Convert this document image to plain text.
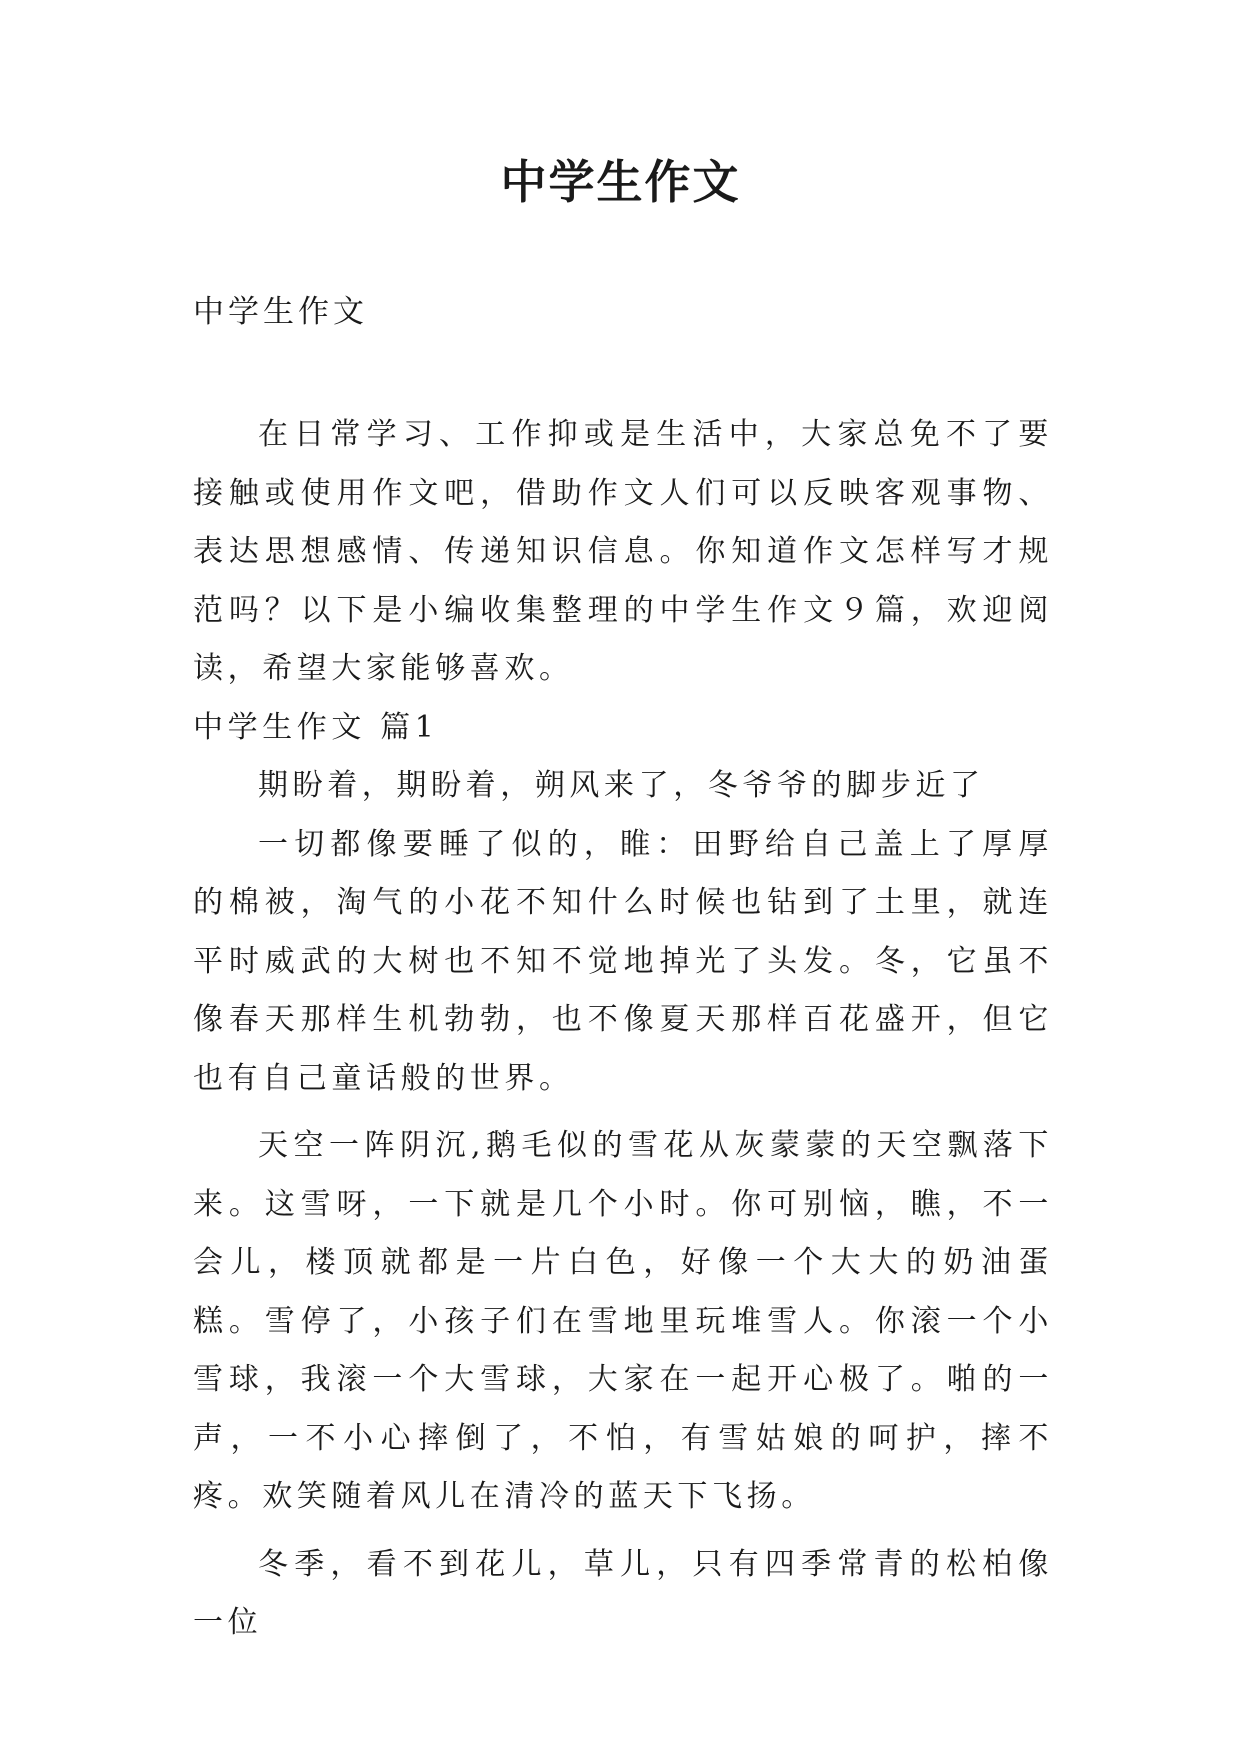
中学生作文

中学生作文

在日常学习、工作抑或是生活中，大家总免不了要接触或使用作文吧，借助作文人们可以反映客观事物、表达思想感情、传递知识信息。你知道作文怎样写才规范吗？以下是小编收集整理的中学生作文９篇，欢迎阅读，希望大家能够喜欢。

中学生作文 篇1

期盼着，期盼着，朔风来了，冬爷爷的脚步近了

一切都像要睡了似的，睢：田野给自己盖上了厚厚的棉被，淘气的小花不知什么时候也钻到了土里，就连平时威武的大树也不知不觉地掉光了头发。冬，它虽不像春天那样生机勃勃，也不像夏天那样百花盛开，但它也有自己童话般的世界。

天空一阵阴沉,鹅毛似的雪花从灰蒙蒙的天空飘落下来。这雪呀，一下就是几个小时。你可别恼，瞧，不一会儿，楼顶就都是一片白色，好像一个大大的奶油蛋糕。雪停了，小孩子们在雪地里玩堆雪人。你滚一个小雪球，我滚一个大雪球，大家在一起开心极了。啪的一声，一不小心摔倒了，不怕，有雪姑娘的呵护，摔不疼。欢笑随着风儿在清冷的蓝天下飞扬。

冬季，看不到花儿，草儿，只有四季常青的松柏像一位
